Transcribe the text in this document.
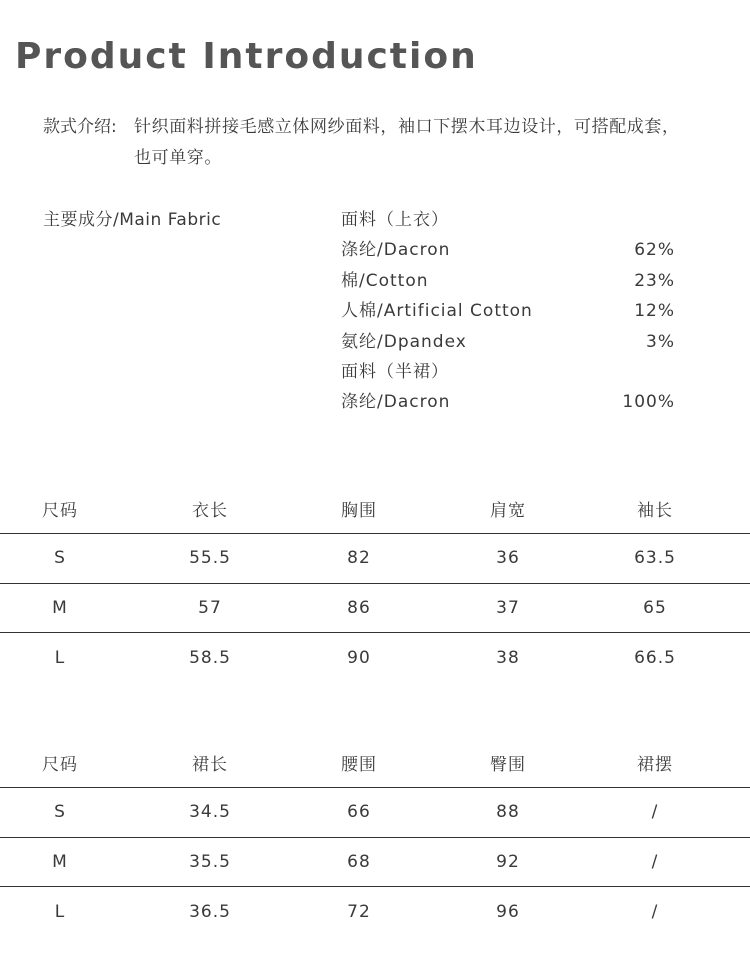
Product Introduction
款式介绍: 针织面料拼接毛感立体网纱面料，袖口下摆木耳边设计，可搭配成套，也可单穿。
主要成分/Main Fabric	面料（上衣）
涤纶/Dacron	62%
棉/Cotton	23%
人棉/Artificial Cotton	12%
氨纶/Dpandex	3%
面料（半裙）
涤纶/Dacron	100%
尺码	衣长	胸围	肩宽	袖长
S	55.5	82	36	63.5
M	57	86	37	65
L	58.5	90	38	66.5
尺码	裙长	腰围	臀围	裙摆
S	34.5	66	88	/
M	35.5	68	92	/
L	36.5	72	96	/
